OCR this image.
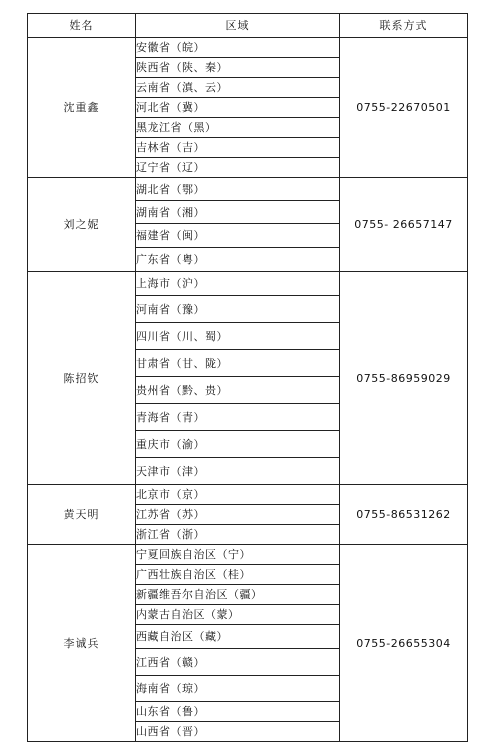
姓名	区域	联系方式
沈重鑫	安徽省（皖）	0755-22670501
	陕西省（陕、秦）	
	云南省（滇、云）	
	河北省（冀）	
	黑龙江省（黑）	
	吉林省（吉）	
	辽宁省（辽）	
刘之妮	湖北省（鄂）	0755- 26657147
	湖南省（湘）	
	福建省（闽）	
	广东省（粤）	
陈招钦	上海市（沪）	0755-86959029
	河南省（豫）	
	四川省（川、蜀）	
	甘肃省（甘、陇）	
	贵州省（黔、贵）	
	青海省（青）	
	重庆市（渝）	
	天津市（津）	
黄天明	北京市（京）	0755-86531262
	江苏省（苏）	
	浙江省（浙）	
李诚兵	宁夏回族自治区（宁）	0755-26655304
	广西壮族自治区（桂）	
	新疆维吾尔自治区（疆）	
	内蒙古自治区（蒙）	
	西藏自治区（藏）	
	江西省（赣）	
	海南省（琼）	
	山东省（鲁）	
	山西省（晋）	
